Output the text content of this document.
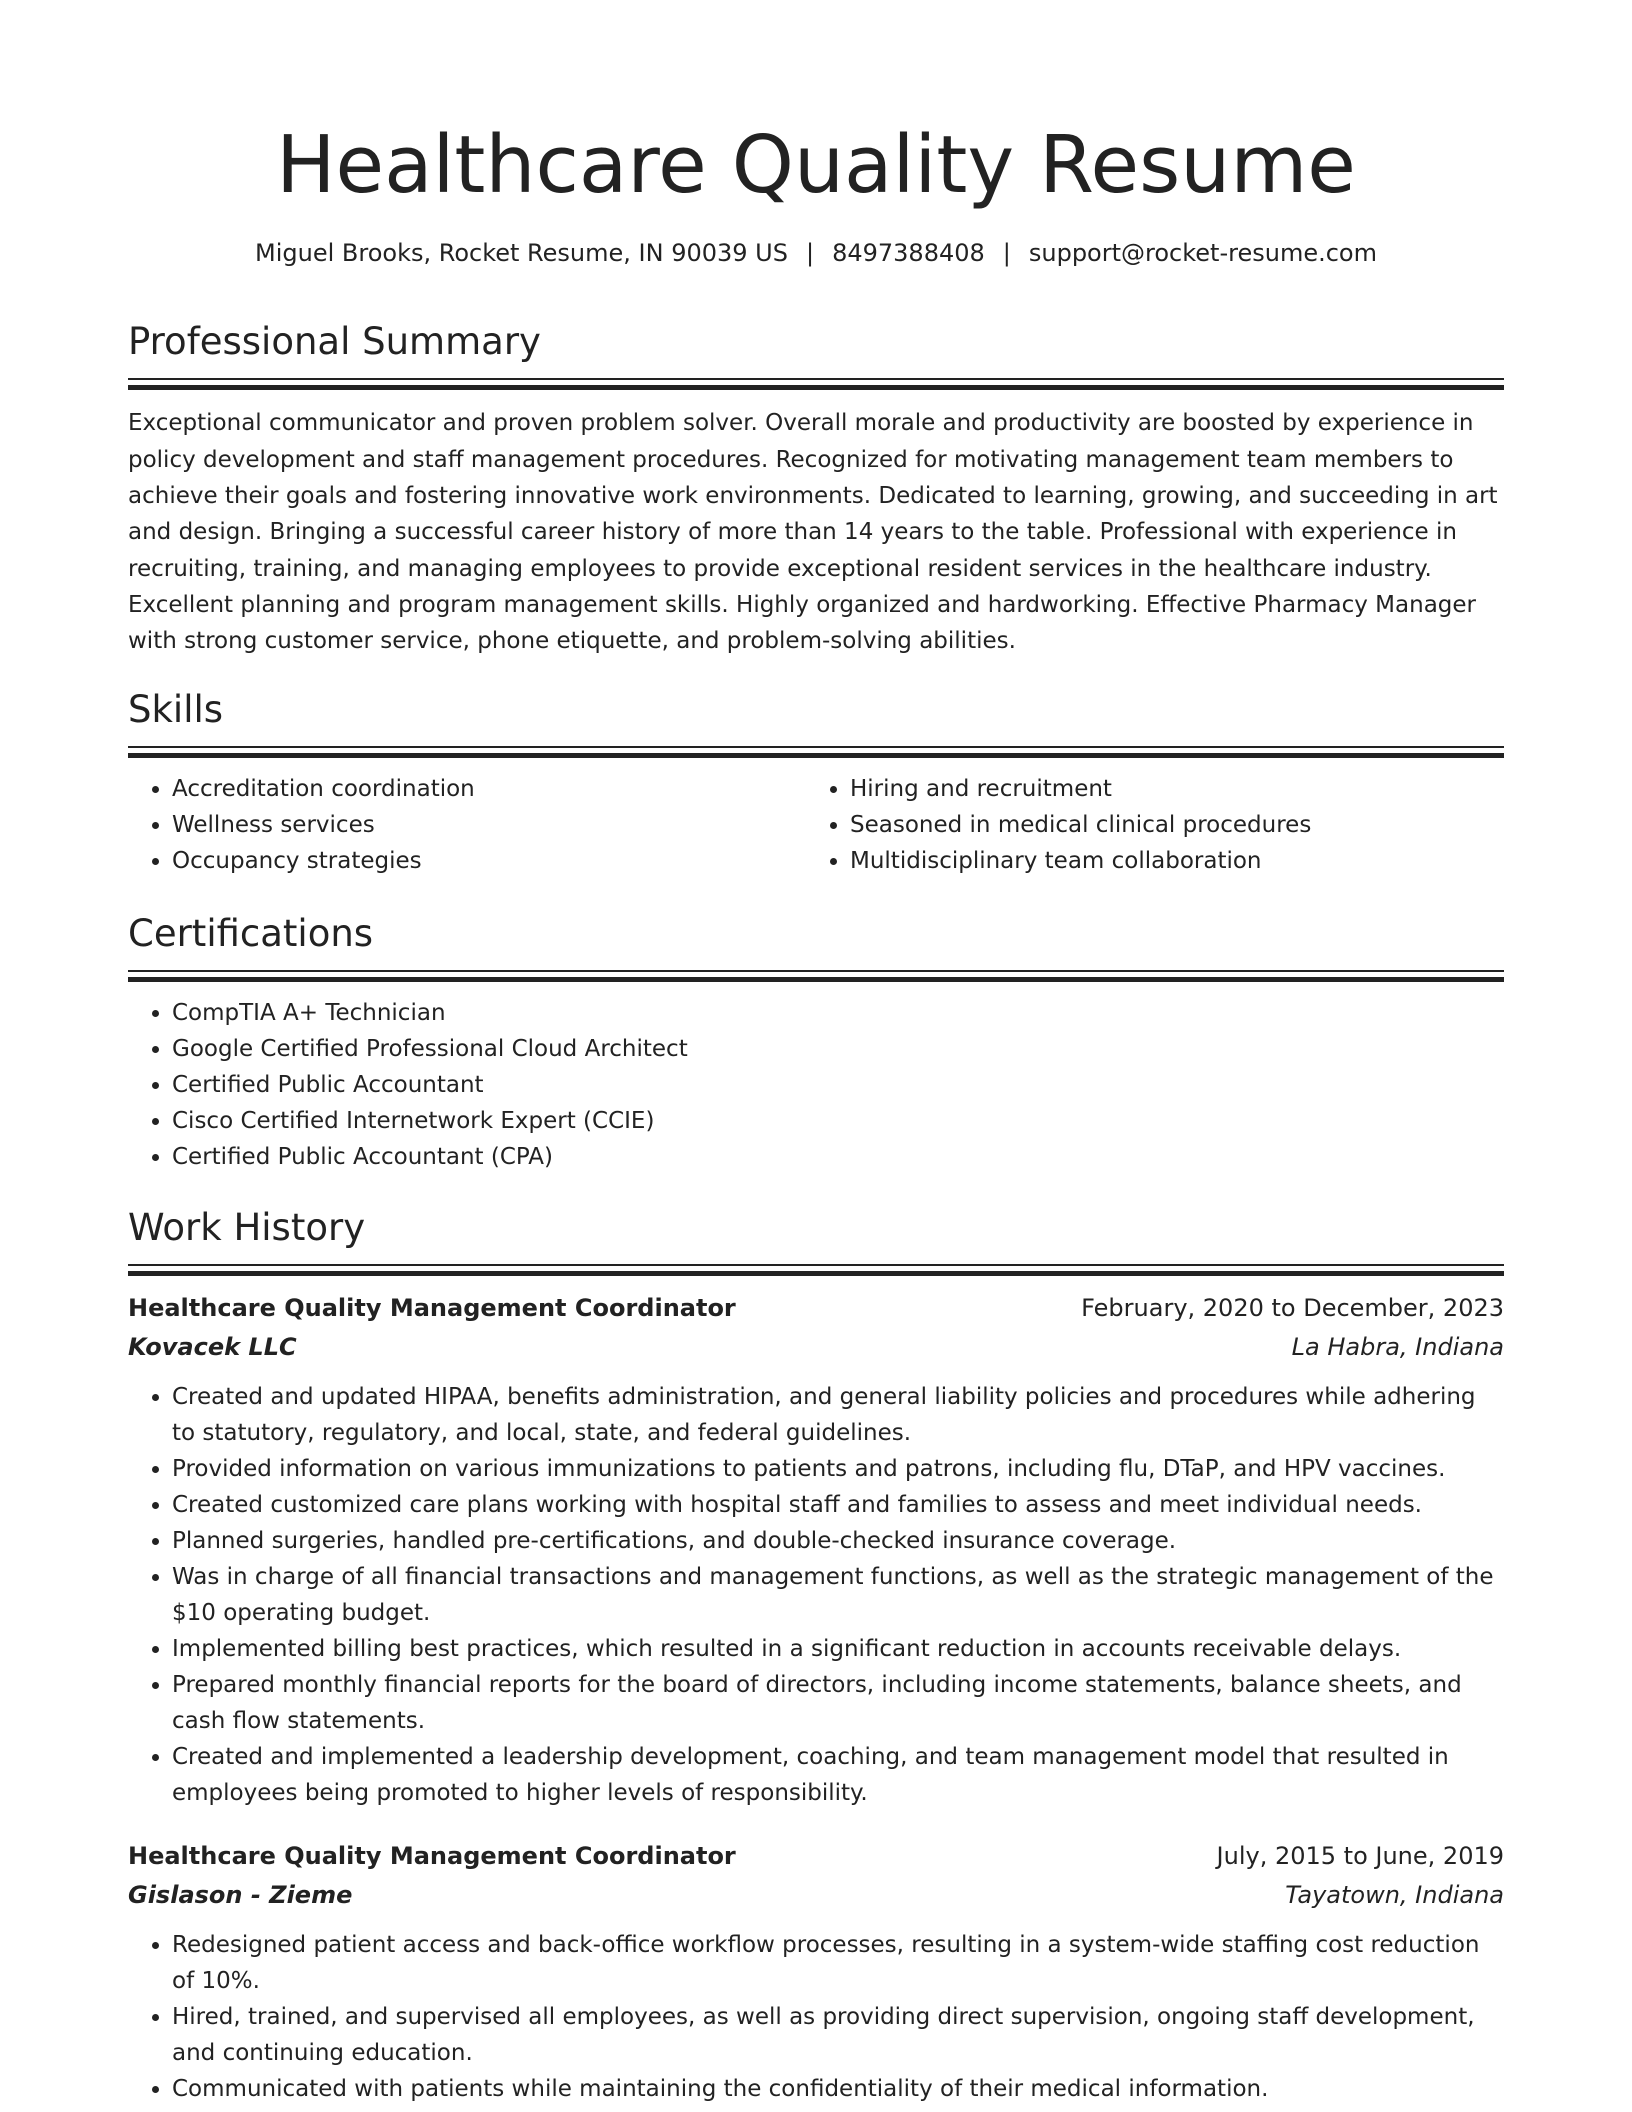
Healthcare Quality Resume
Miguel Brooks, Rocket Resume, IN 90039 US | 8497388408 | support@rocket-resume.com
Professional Summary
Exceptional communicator and proven problem solver. Overall morale and productivity are boosted by experience in policy development and staff management procedures. Recognized for motivating management team members to achieve their goals and fostering innovative work environments. Dedicated to learning, growing, and succeeding in art and design. Bringing a successful career history of more than 14 years to the table. Professional with experience in recruiting, training, and managing employees to provide exceptional resident services in the healthcare industry. Excellent planning and program management skills. Highly organized and hardworking. Effective Pharmacy Manager with strong customer service, phone etiquette, and problem-solving abilities.
Skills
• Accreditation coordination
• Wellness services
• Occupancy strategies
• Hiring and recruitment
• Seasoned in medical clinical procedures
• Multidisciplinary team collaboration
Certifications
• CompTIA A+ Technician
• Google Certified Professional Cloud Architect
• Certified Public Accountant
• Cisco Certified Internetwork Expert (CCIE)
• Certified Public Accountant (CPA)
Work History
Healthcare Quality Management Coordinator	February, 2020 to December, 2023
Kovacek LLC	La Habra, Indiana
• Created and updated HIPAA, benefits administration, and general liability policies and procedures while adhering to statutory, regulatory, and local, state, and federal guidelines.
• Provided information on various immunizations to patients and patrons, including flu, DTaP, and HPV vaccines.
• Created customized care plans working with hospital staff and families to assess and meet individual needs.
• Planned surgeries, handled pre-certifications, and double-checked insurance coverage.
• Was in charge of all financial transactions and management functions, as well as the strategic management of the $10 operating budget.
• Implemented billing best practices, which resulted in a significant reduction in accounts receivable delays.
• Prepared monthly financial reports for the board of directors, including income statements, balance sheets, and cash flow statements.
• Created and implemented a leadership development, coaching, and team management model that resulted in employees being promoted to higher levels of responsibility.
Healthcare Quality Management Coordinator	July, 2015 to June, 2019
Gislason - Zieme	Tayatown, Indiana
• Redesigned patient access and back-office workflow processes, resulting in a system-wide staffing cost reduction of 10%.
• Hired, trained, and supervised all employees, as well as providing direct supervision, ongoing staff development, and continuing education.
• Communicated with patients while maintaining the confidentiality of their medical information.
